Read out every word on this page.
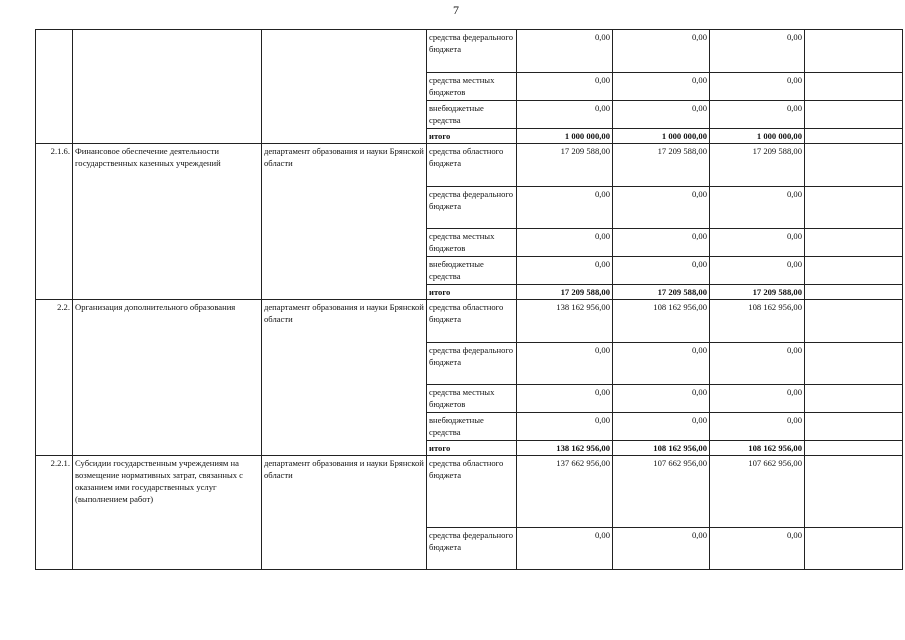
7
			средства федерального бюджета	0,00	0,00	0,00	
			средства местных бюджетов	0,00	0,00	0,00	
			внебюджетные средства	0,00	0,00	0,00	
			итого	1 000 000,00	1 000 000,00	1 000 000,00	
2.1.6.	Финансовое обеспечение деятельности государственных казенных учреждений	департамент образования и науки Брянской области	средства областного бюджета	17 209 588,00	17 209 588,00	17 209 588,00	
			средства федерального бюджета	0,00	0,00	0,00	
			средства местных бюджетов	0,00	0,00	0,00	
			внебюджетные средства	0,00	0,00	0,00	
			итого	17 209 588,00	17 209 588,00	17 209 588,00	
2.2.	Организация дополнительного образования	департамент образования и науки Брянской области	средства областного бюджета	138 162 956,00	108 162 956,00	108 162 956,00	
			средства федерального бюджета	0,00	0,00	0,00	
			средства местных бюджетов	0,00	0,00	0,00	
			внебюджетные средства	0,00	0,00	0,00	
			итого	138 162 956,00	108 162 956,00	108 162 956,00	
2.2.1.	Субсидии государственным учреждениям на возмещение нормативных затрат, связанных с оказанием ими государственных услуг (выполнением работ)	департамент образования и науки Брянской области	средства областного бюджета	137 662 956,00	107 662 956,00	107 662 956,00	
			средства федерального бюджета	0,00	0,00	0,00	
